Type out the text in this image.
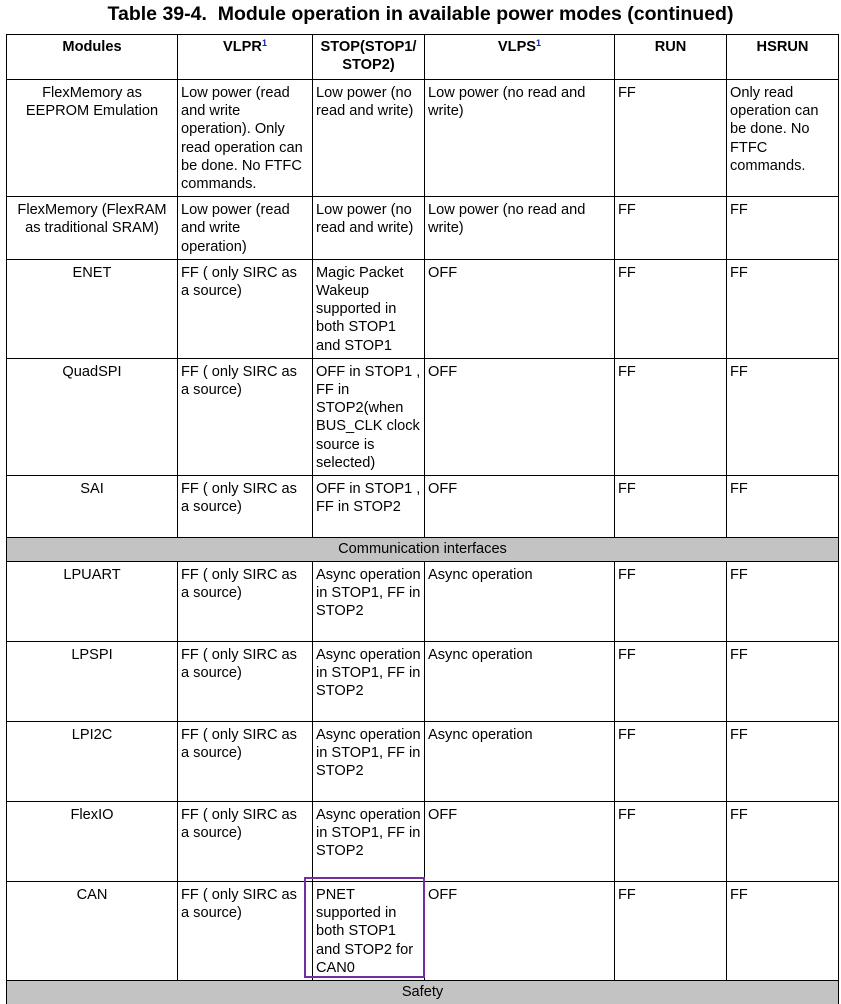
Table 39-4.  Module operation in available power modes (continued)
Modules	VLPR$^1$	STOP(STOP1/ STOP2)	VLPS$^1$	RUN	HSRUN
FlexMemory as EEPROM Emulation	Low power (read and write operation). Only read operation can be done. No FTFC commands.	Low power (no read and write)	Low power (no read and write)	FF	Only read operation can be done. No FTFC commands.
FlexMemory (FlexRAM as traditional SRAM)	Low power (read and write operation)	Low power (no read and write)	Low power (no read and write)	FF	FF
ENET	FF ( only SIRC as a source)	Magic Packet Wakeup supported in both STOP1 and STOP1	OFF	FF	FF
QuadSPI	FF ( only SIRC as a source)	OFF in STOP1 , FF in STOP2(when BUS_CLK clock source is selected)	OFF	FF	FF
SAI	FF ( only SIRC as a source)	OFF in STOP1 , FF in STOP2	OFF	FF	FF
Communication interfaces					
LPUART	FF ( only SIRC as a source)	Async operation in STOP1, FF in STOP2	Async operation	FF	FF
LPSPI	FF ( only SIRC as a source)	Async operation in STOP1, FF in STOP2	Async operation	FF	FF
LPI2C	FF ( only SIRC as a source)	Async operation in STOP1, FF in STOP2	Async operation	FF	FF
FlexIO	FF ( only SIRC as a source)	Async operation in STOP1, FF in STOP2	OFF	FF	FF
CAN	FF ( only SIRC as a source)	PNET supported in both STOP1 and STOP2 for CAN0	OFF	FF	FF
Safety					
